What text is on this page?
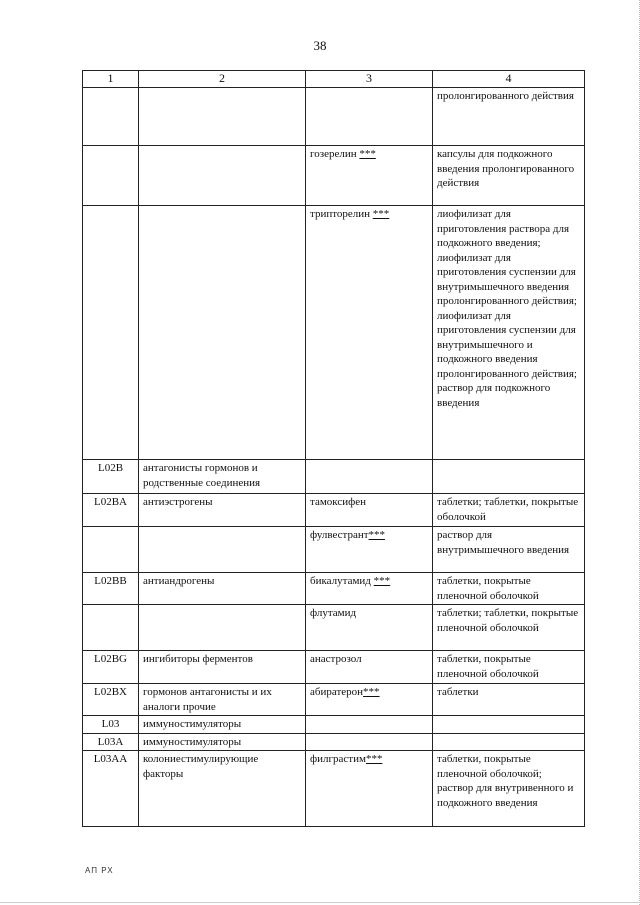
38
1	2	3	4
			пролонгированного действия
		гозерелин ***	капсулы для подкожного введения пролонгированного действия
		трипторелин ***	лиофилизат для приготовления раствора для подкожного введения; лиофилизат для приготовления суспензии для внутримышечного введения пролонгированного действия; лиофилизат для приготовления суспензии для внутримышечного и подкожного введения пролонгированного действия; раствор для подкожного введения
L02B	антагонисты гормонов и родственные соединения		
L02BA	антиэстрогены	тамоксифен	таблетки; таблетки, покрытые оболочкой
		фулвестрант***	раствор для внутримышечного введения
L02BB	антиандрогены	бикалутамид ***	таблетки, покрытые пленочной оболочкой
		флутамид	таблетки; таблетки, покрытые пленочной оболочкой
L02BG	ингибиторы ферментов	анастрозол	таблетки, покрытые пленочной оболочкой
L02BX	гормонов антагонисты и их аналоги прочие	абиратерон***	таблетки
L03	иммуностимуляторы		
L03A	иммуностимуляторы		
L03AA	колониестимулирующие факторы	филграстим***	таблетки, покрытые пленочной оболочкой; раствор для внутривенного и подкожного введения
АП РХ
